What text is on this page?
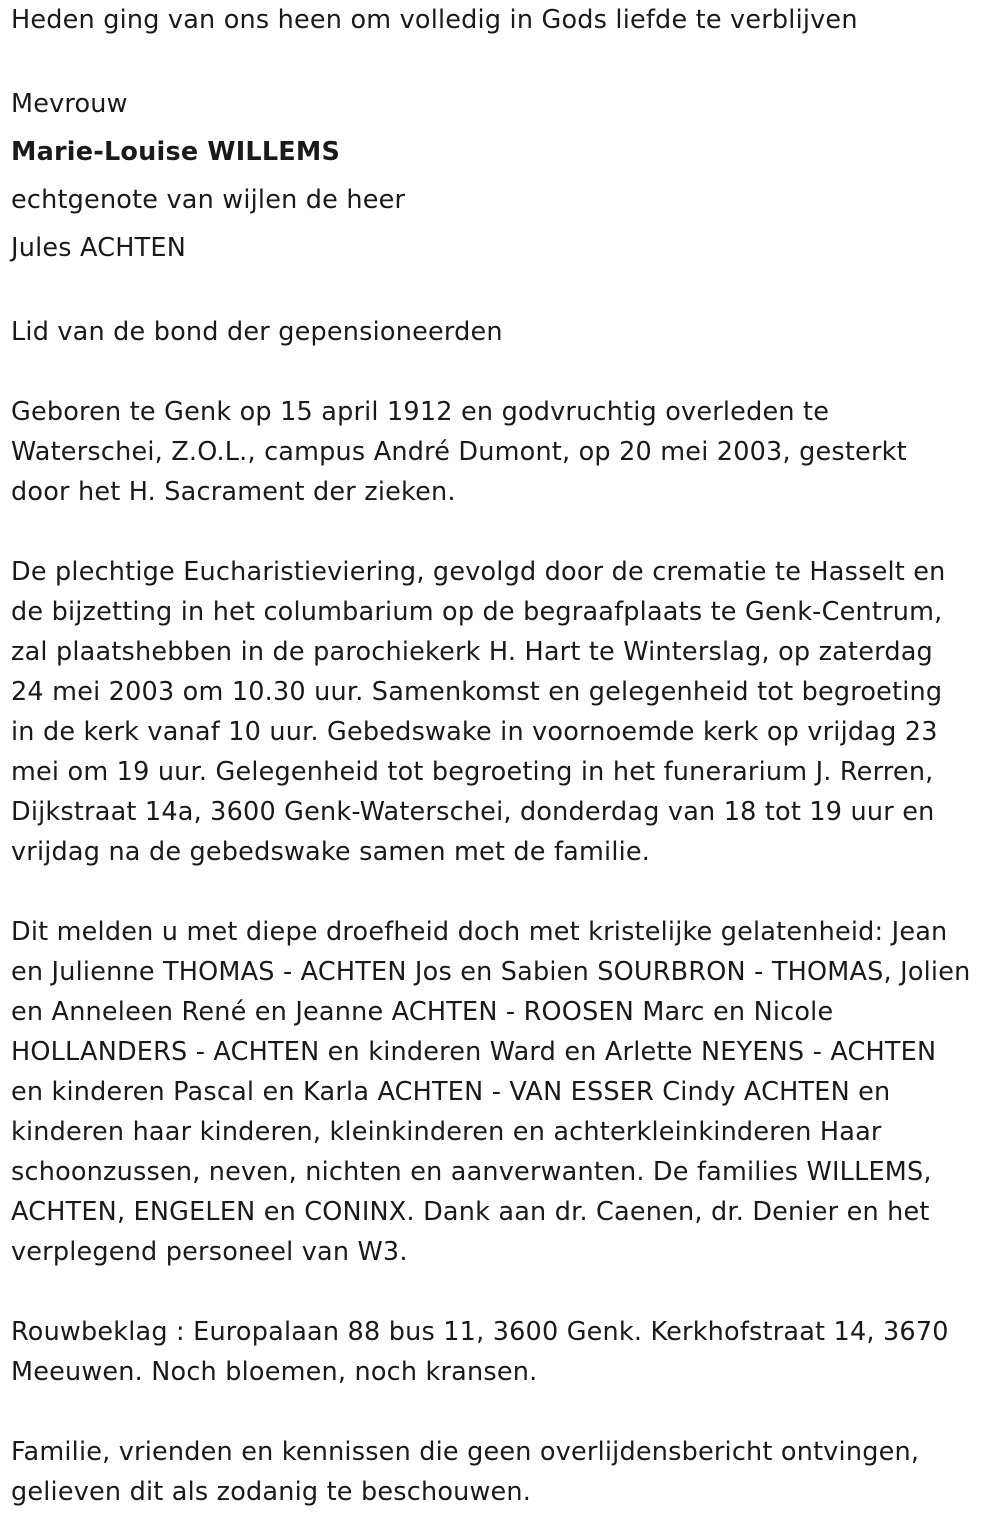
Heden ging van ons heen om volledig in Gods liefde te verblijven

Mevrouw

Marie-Louise WILLEMS

echtgenote van wijlen de heer

Jules ACHTEN

Lid van de bond der gepensioneerden

Geboren te Genk op 15 april 1912 en godvruchtig overleden te

Waterschei, Z.O.L., campus André Dumont, op 20 mei 2003, gesterkt

door het H. Sacrament der zieken.

De plechtige Eucharistieviering, gevolgd door de crematie te Hasselt en

de bijzetting in het columbarium op de begraafplaats te Genk-Centrum,

zal plaatshebben in de parochiekerk H. Hart te Winterslag, op zaterdag

24 mei 2003 om 10.30 uur. Samenkomst en gelegenheid tot begroeting

in de kerk vanaf 10 uur. Gebedswake in voornoemde kerk op vrijdag 23

mei om 19 uur. Gelegenheid tot begroeting in het funerarium J. Rerren,

Dijkstraat 14a, 3600 Genk-Waterschei, donderdag van 18 tot 19 uur en

vrijdag na de gebedswake samen met de familie.

Dit melden u met diepe droefheid doch met kristelijke gelatenheid: Jean

en Julienne THOMAS - ACHTEN Jos en Sabien SOURBRON - THOMAS, Jolien

en Anneleen René en Jeanne ACHTEN - ROOSEN Marc en Nicole

HOLLANDERS - ACHTEN en kinderen Ward en Arlette NEYENS - ACHTEN

en kinderen Pascal en Karla ACHTEN - VAN ESSER Cindy ACHTEN en

kinderen haar kinderen, kleinkinderen en achterkleinkinderen Haar

schoonzussen, neven, nichten en aanverwanten. De families WILLEMS,

ACHTEN, ENGELEN en CONINX. Dank aan dr. Caenen, dr. Denier en het

verplegend personeel van W3.

Rouwbeklag : Europalaan 88 bus 11, 3600 Genk. Kerkhofstraat 14, 3670

Meeuwen. Noch bloemen, noch kransen.

Familie, vrienden en kennissen die geen overlijdensbericht ontvingen,

gelieven dit als zodanig te beschouwen.
